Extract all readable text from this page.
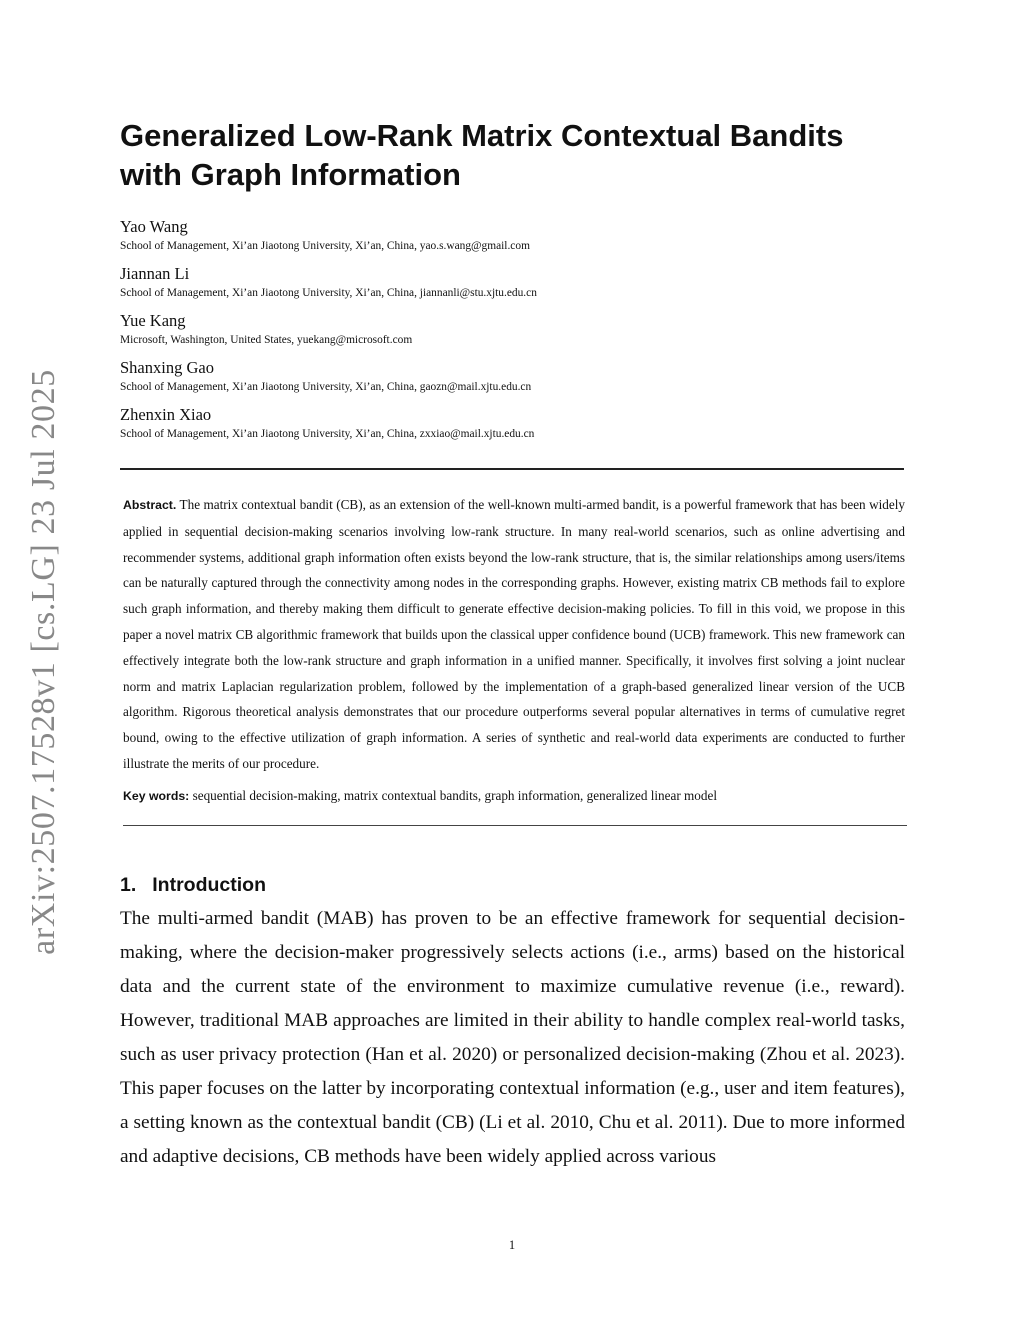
arXiv:2507.17528v1 [cs.LG] 23 Jul 2025
Generalized Low-Rank Matrix Contextual Bandits
with Graph Information
Yao Wang
School of Management, Xi’an Jiaotong University, Xi’an, China, yao.s.wang@gmail.com
Jiannan Li
School of Management, Xi’an Jiaotong University, Xi’an, China, jiannanli@stu.xjtu.edu.cn
Yue Kang
Microsoft, Washington, United States, yuekang@microsoft.com
Shanxing Gao
School of Management, Xi’an Jiaotong University, Xi’an, China, gaozn@mail.xjtu.edu.cn
Zhenxin Xiao
School of Management, Xi’an Jiaotong University, Xi’an, China, zxxiao@mail.xjtu.edu.cn
Abstract. The matrix contextual bandit (CB), as an extension of the well-known multi-armed bandit, is a powerful framework that has been widely applied in sequential decision-making scenarios involving low-rank structure. In many real-world scenarios, such as online advertising and recommender systems, additional graph information often exists beyond the low-rank structure, that is, the similar relationships among users/items can be naturally captured through the connectivity among nodes in the corresponding graphs. However, existing matrix CB methods fail to explore such graph information, and thereby making them difficult to generate effective decision-making policies. To fill in this void, we propose in this paper a novel matrix CB algorithmic framework that builds upon the classical upper confidence bound (UCB) framework. This new framework can effectively integrate both the low-rank structure and graph information in a unified manner. Specifically, it involves first solving a joint nuclear norm and matrix Laplacian regularization problem, followed by the implementation of a graph-based generalized linear version of the UCB algorithm. Rigorous theoretical analysis demonstrates that our procedure outperforms several popular alternatives in terms of cumulative regret bound, owing to the effective utilization of graph information. A series of synthetic and real-world data experiments are conducted to further illustrate the merits of our procedure.
Key words: sequential decision-making, matrix contextual bandits, graph information, generalized linear model
1. Introduction

The multi-armed bandit (MAB) has proven to be an effective framework for sequential decision-making, where the decision-maker progressively selects actions (i.e., arms) based on the historical data and the current state of the environment to maximize cumulative revenue (i.e., reward). However, traditional MAB approaches are limited in their ability to handle complex real-world tasks, such as user privacy protection (Han et al. 2020) or personalized decision-making (Zhou et al. 2023). This paper focuses on the latter by incorporating contextual information (e.g., user and item features), a setting known as the contextual bandit (CB) (Li et al. 2010, Chu et al. 2011). Due to more informed and adaptive decisions, CB methods have been widely applied across various

1
